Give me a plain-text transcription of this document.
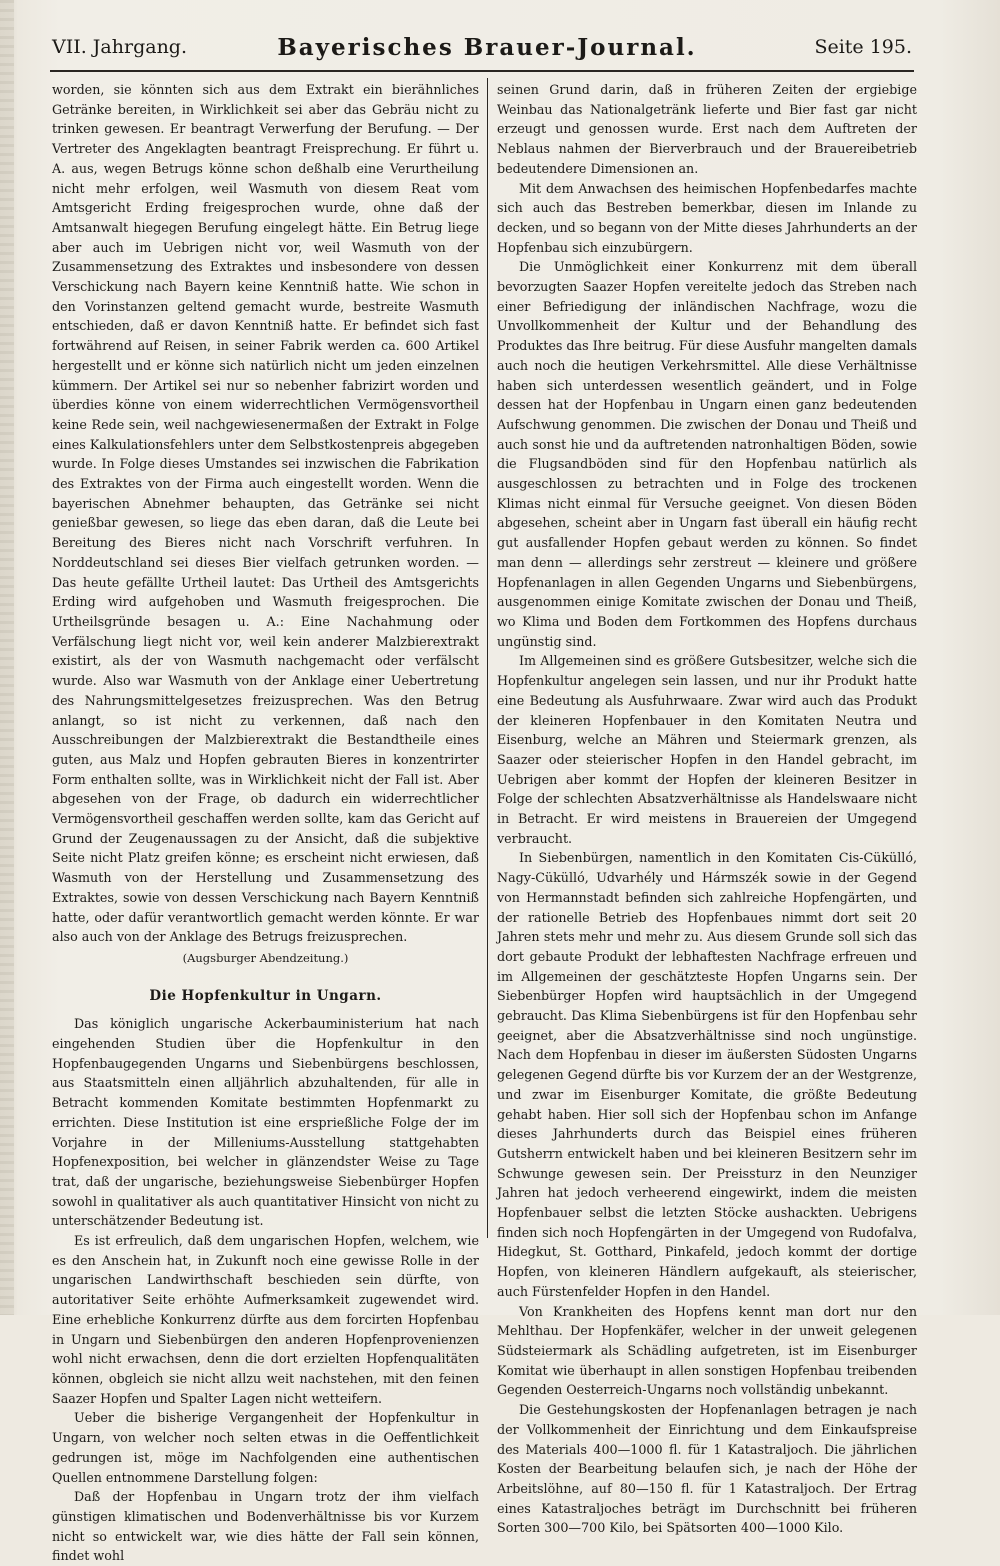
VII. Jahrgang.	Bayerisches Brauer-Journal.	Seite 195.

worden, sie könnten sich aus dem Extrakt ein bierähnliches Getränke bereiten, in Wirklichkeit sei aber das Gebräu nicht zu trinken gewesen. Er beantragt Verwerfung der Berufung. — Der Vertreter des Angeklagten beantragt Freisprechung. Er führt u. A. aus, wegen Betrugs könne schon deßhalb eine Verurtheilung nicht mehr erfolgen, weil Wasmuth von diesem Reat vom Amtsgericht Erding freigesprochen wurde, ohne daß der Amtsanwalt hiegegen Berufung eingelegt hätte. Ein Betrug liege aber auch im Uebrigen nicht vor, weil Wasmuth von der Zusammensetzung des Extraktes und insbesondere von dessen Verschickung nach Bayern keine Kenntniß hatte. Wie schon in den Vorinstanzen geltend gemacht wurde, bestreite Wasmuth entschieden, daß er davon Kenntniß hatte. Er befindet sich fast fortwährend auf Reisen, in seiner Fabrik werden ca. 600 Artikel hergestellt und er könne sich natürlich nicht um jeden einzelnen kümmern. Der Artikel sei nur so nebenher fabrizirt worden und überdies könne von einem widerrechtlichen Vermögensvortheil keine Rede sein, weil nachgewiesenermaßen der Extrakt in Folge eines Kalkulationsfehlers unter dem Selbstkostenpreis abgegeben wurde. In Folge dieses Umstandes sei inzwischen die Fabrikation des Extraktes von der Firma auch eingestellt worden. Wenn die bayerischen Abnehmer behaupten, das Getränke sei nicht genießbar gewesen, so liege das eben daran, daß die Leute bei Bereitung des Bieres nicht nach Vorschrift verfuhren. In Norddeutschland sei dieses Bier vielfach getrunken worden. — Das heute gefällte Urtheil lautet: Das Urtheil des Amtsgerichts Erding wird aufgehoben und Wasmuth freigesprochen. Die Urtheilsgründe besagen u. A.: Eine Nachahmung oder Verfälschung liegt nicht vor, weil kein anderer Malzbierextrakt existirt, als der von Wasmuth nachgemacht oder verfälscht wurde. Also war Wasmuth von der Anklage einer Uebertretung des Nahrungsmittelgesetzes freizusprechen. Was den Betrug anlangt, so ist nicht zu verkennen, daß nach den Ausschreibungen der Malzbierextrakt die Bestandtheile eines guten, aus Malz und Hopfen gebrauten Bieres in konzentrirter Form enthalten sollte, was in Wirklichkeit nicht der Fall ist. Aber abgesehen von der Frage, ob dadurch ein widerrechtlicher Vermögensvortheil geschaffen werden sollte, kam das Gericht auf Grund der Zeugenaussagen zu der Ansicht, daß die subjektive Seite nicht Platz greifen könne; es erscheint nicht erwiesen, daß Wasmuth von der Herstellung und Zusammensetzung des Extraktes, sowie von dessen Verschickung nach Bayern Kenntniß hatte, oder dafür verantwortlich gemacht werden könnte. Er war also auch von der Anklage des Betrugs freizusprechen.

(Augsburger Abendzeitung.)
Die Hopfenkultur in Ungarn.

Das königlich ungarische Ackerbauministerium hat nach eingehenden Studien über die Hopfenkultur in den Hopfenbaugegenden Ungarns und Siebenbürgens beschlossen, aus Staatsmitteln einen alljährlich abzuhaltenden, für alle in Betracht kommenden Komitate bestimmten Hopfenmarkt zu errichten. Diese Institution ist eine ersprießliche Folge der im Vorjahre in der Milleniums-Ausstellung stattgehabten Hopfenexposition, bei welcher in glänzendster Weise zu Tage trat, daß der ungarische, beziehungsweise Siebenbürger Hopfen sowohl in qualitativer als auch quantitativer Hinsicht von nicht zu unterschätzender Bedeutung ist.

Es ist erfreulich, daß dem ungarischen Hopfen, welchem, wie es den Anschein hat, in Zukunft noch eine gewisse Rolle in der ungarischen Landwirthschaft beschieden sein dürfte, von autoritativer Seite erhöhte Aufmerksamkeit zugewendet wird. Eine erhebliche Konkurrenz dürfte aus dem forcirten Hopfenbau in Ungarn und Siebenbürgen den anderen Hopfenprovenienzen wohl nicht erwachsen, denn die dort erzielten Hopfenqualitäten können, obgleich sie nicht allzu weit nachstehen, mit den feinen Saazer Hopfen und Spalter Lagen nicht wetteifern.

Ueber die bisherige Vergangenheit der Hopfenkultur in Ungarn, von welcher noch selten etwas in die Oeffentlichkeit gedrungen ist, möge im Nachfolgenden eine authentischen Quellen entnommene Darstellung folgen:

Daß der Hopfenbau in Ungarn trotz der ihm vielfach günstigen klimatischen und Bodenverhältnisse bis vor Kurzem nicht so entwickelt war, wie dies hätte der Fall sein können, findet wohl

seinen Grund darin, daß in früheren Zeiten der ergiebige Weinbau das Nationalgetränk lieferte und Bier fast gar nicht erzeugt und genossen wurde. Erst nach dem Auftreten der Neblaus nahmen der Bierverbrauch und der Brauereibetrieb bedeutendere Dimensionen an.

Mit dem Anwachsen des heimischen Hopfenbedarfes machte sich auch das Bestreben bemerkbar, diesen im Inlande zu decken, und so begann von der Mitte dieses Jahrhunderts an der Hopfenbau sich einzubürgern.

Die Unmöglichkeit einer Konkurrenz mit dem überall bevorzugten Saazer Hopfen vereitelte jedoch das Streben nach einer Befriedigung der inländischen Nachfrage, wozu die Unvollkommenheit der Kultur und der Behandlung des Produktes das Ihre beitrug. Für diese Ausfuhr mangelten damals auch noch die heutigen Verkehrsmittel. Alle diese Verhältnisse haben sich unterdessen wesentlich geändert, und in Folge dessen hat der Hopfenbau in Ungarn einen ganz bedeutenden Aufschwung genommen. Die zwischen der Donau und Theiß und auch sonst hie und da auftretenden natronhaltigen Böden, sowie die Flugsandböden sind für den Hopfenbau natürlich als ausgeschlossen zu betrachten und in Folge des trockenen Klimas nicht einmal für Versuche geeignet. Von diesen Böden abgesehen, scheint aber in Ungarn fast überall ein häufig recht gut ausfallender Hopfen gebaut werden zu können. So findet man denn — allerdings sehr zerstreut — kleinere und größere Hopfenanlagen in allen Gegenden Ungarns und Siebenbürgens, ausgenommen einige Komitate zwischen der Donau und Theiß, wo Klima und Boden dem Fortkommen des Hopfens durchaus ungünstig sind.

Im Allgemeinen sind es größere Gutsbesitzer, welche sich die Hopfenkultur angelegen sein lassen, und nur ihr Produkt hatte eine Bedeutung als Ausfuhrwaare. Zwar wird auch das Produkt der kleineren Hopfenbauer in den Komitaten Neutra und Eisenburg, welche an Mähren und Steiermark grenzen, als Saazer oder steierischer Hopfen in den Handel gebracht, im Uebrigen aber kommt der Hopfen der kleineren Besitzer in Folge der schlechten Absatzverhältnisse als Handelswaare nicht in Betracht. Er wird meistens in Brauereien der Umgegend verbraucht.

In Siebenbürgen, namentlich in den Komitaten Cis-Cükülló, Nagy-Cükülló, Udvarhély und Hármszék sowie in der Gegend von Hermannstadt befinden sich zahlreiche Hopfengärten, und der rationelle Betrieb des Hopfenbaues nimmt dort seit 20 Jahren stets mehr und mehr zu. Aus diesem Grunde soll sich das dort gebaute Produkt der lebhaftesten Nachfrage erfreuen und im Allgemeinen der geschätzteste Hopfen Ungarns sein. Der Siebenbürger Hopfen wird hauptsächlich in der Umgegend gebraucht. Das Klima Siebenbürgens ist für den Hopfenbau sehr geeignet, aber die Absatzverhältnisse sind noch ungünstige. Nach dem Hopfenbau in dieser im äußersten Südosten Ungarns gelegenen Gegend dürfte bis vor Kurzem der an der Westgrenze, und zwar im Eisenburger Komitate, die größte Bedeutung gehabt haben. Hier soll sich der Hopfenbau schon im Anfange dieses Jahrhunderts durch das Beispiel eines früheren Gutsherrn entwickelt haben und bei kleineren Besitzern sehr im Schwunge gewesen sein. Der Preissturz in den Neunziger Jahren hat jedoch verheerend eingewirkt, indem die meisten Hopfenbauer selbst die letzten Stöcke aushackten. Uebrigens finden sich noch Hopfengärten in der Umgegend von Rudofalva, Hidegkut, St. Gotthard, Pinkafeld, jedoch kommt der dortige Hopfen, von kleineren Händlern aufgekauft, als steierischer, auch Fürstenfelder Hopfen in den Handel.

Von Krankheiten des Hopfens kennt man dort nur den Mehlthau. Der Hopfenkäfer, welcher in der unweit gelegenen Südsteiermark als Schädling aufgetreten, ist im Eisenburger Komitat wie überhaupt in allen sonstigen Hopfenbau treibenden Gegenden Oesterreich-Ungarns noch vollständig unbekannt.

Die Gestehungskosten der Hopfenanlagen betragen je nach der Vollkommenheit der Einrichtung und dem Einkaufspreise des Materials 400—1000 fl. für 1 Katastraljoch. Die jährlichen Kosten der Bearbeitung belaufen sich, je nach der Höhe der Arbeitslöhne, auf 80—150 fl. für 1 Katastraljoch. Der Ertrag eines Katastraljoches beträgt im Durchschnitt bei früheren Sorten 300—700 Kilo, bei Spätsorten 400—1000 Kilo.
